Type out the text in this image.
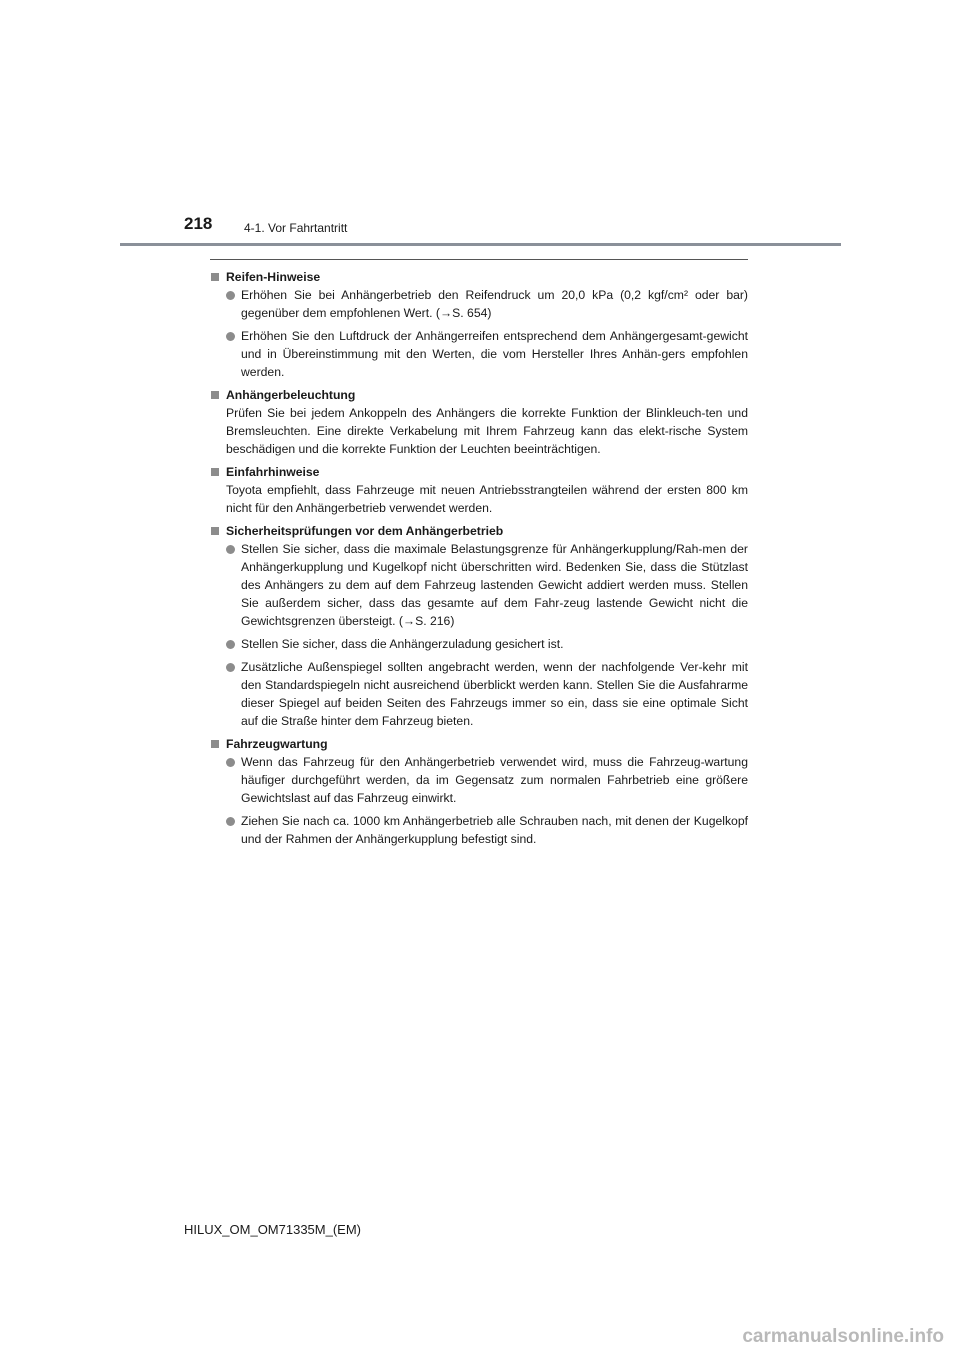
218	4-1. Vor Fahrtantritt
Reifen-Hinweise
Erhöhen Sie bei Anhängerbetrieb den Reifendruck um 20,0 kPa (0,2 kgf/cm² oder bar) gegenüber dem empfohlenen Wert. (→S. 654)
Erhöhen Sie den Luftdruck der Anhängerreifen entsprechend dem Anhängergesamt-gewicht und in Übereinstimmung mit den Werten, die vom Hersteller Ihres Anhän-gers empfohlen werden.
Anhängerbeleuchtung
Prüfen Sie bei jedem Ankoppeln des Anhängers die korrekte Funktion der Blinkleuch-ten und Bremsleuchten. Eine direkte Verkabelung mit Ihrem Fahrzeug kann das elekt-rische System beschädigen und die korrekte Funktion der Leuchten beeinträchtigen.
Einfahrhinweise
Toyota empfiehlt, dass Fahrzeuge mit neuen Antriebsstrangteilen während der ersten 800 km nicht für den Anhängerbetrieb verwendet werden.
Sicherheitsprüfungen vor dem Anhängerbetrieb
Stellen Sie sicher, dass die maximale Belastungsgrenze für Anhängerkupplung/Rah-men der Anhängerkupplung und Kugelkopf nicht überschritten wird. Bedenken Sie, dass die Stützlast des Anhängers zu dem auf dem Fahrzeug lastenden Gewicht addiert werden muss. Stellen Sie außerdem sicher, dass das gesamte auf dem Fahr-zeug lastende Gewicht nicht die Gewichtsgrenzen übersteigt. (→S. 216)
Stellen Sie sicher, dass die Anhängerzuladung gesichert ist.
Zusätzliche Außenspiegel sollten angebracht werden, wenn der nachfolgende Ver-kehr mit den Standardspiegeln nicht ausreichend überblickt werden kann. Stellen Sie die Ausfahrarme dieser Spiegel auf beiden Seiten des Fahrzeugs immer so ein, dass sie eine optimale Sicht auf die Straße hinter dem Fahrzeug bieten.
Fahrzeugwartung
Wenn das Fahrzeug für den Anhängerbetrieb verwendet wird, muss die Fahrzeug-wartung häufiger durchgeführt werden, da im Gegensatz zum normalen Fahrbetrieb eine größere Gewichtslast auf das Fahrzeug einwirkt.
Ziehen Sie nach ca. 1000 km Anhängerbetrieb alle Schrauben nach, mit denen der Kugelkopf und der Rahmen der Anhängerkupplung befestigt sind.
HILUX_OM_OM71335M_(EM)
carmanualsonline.info
